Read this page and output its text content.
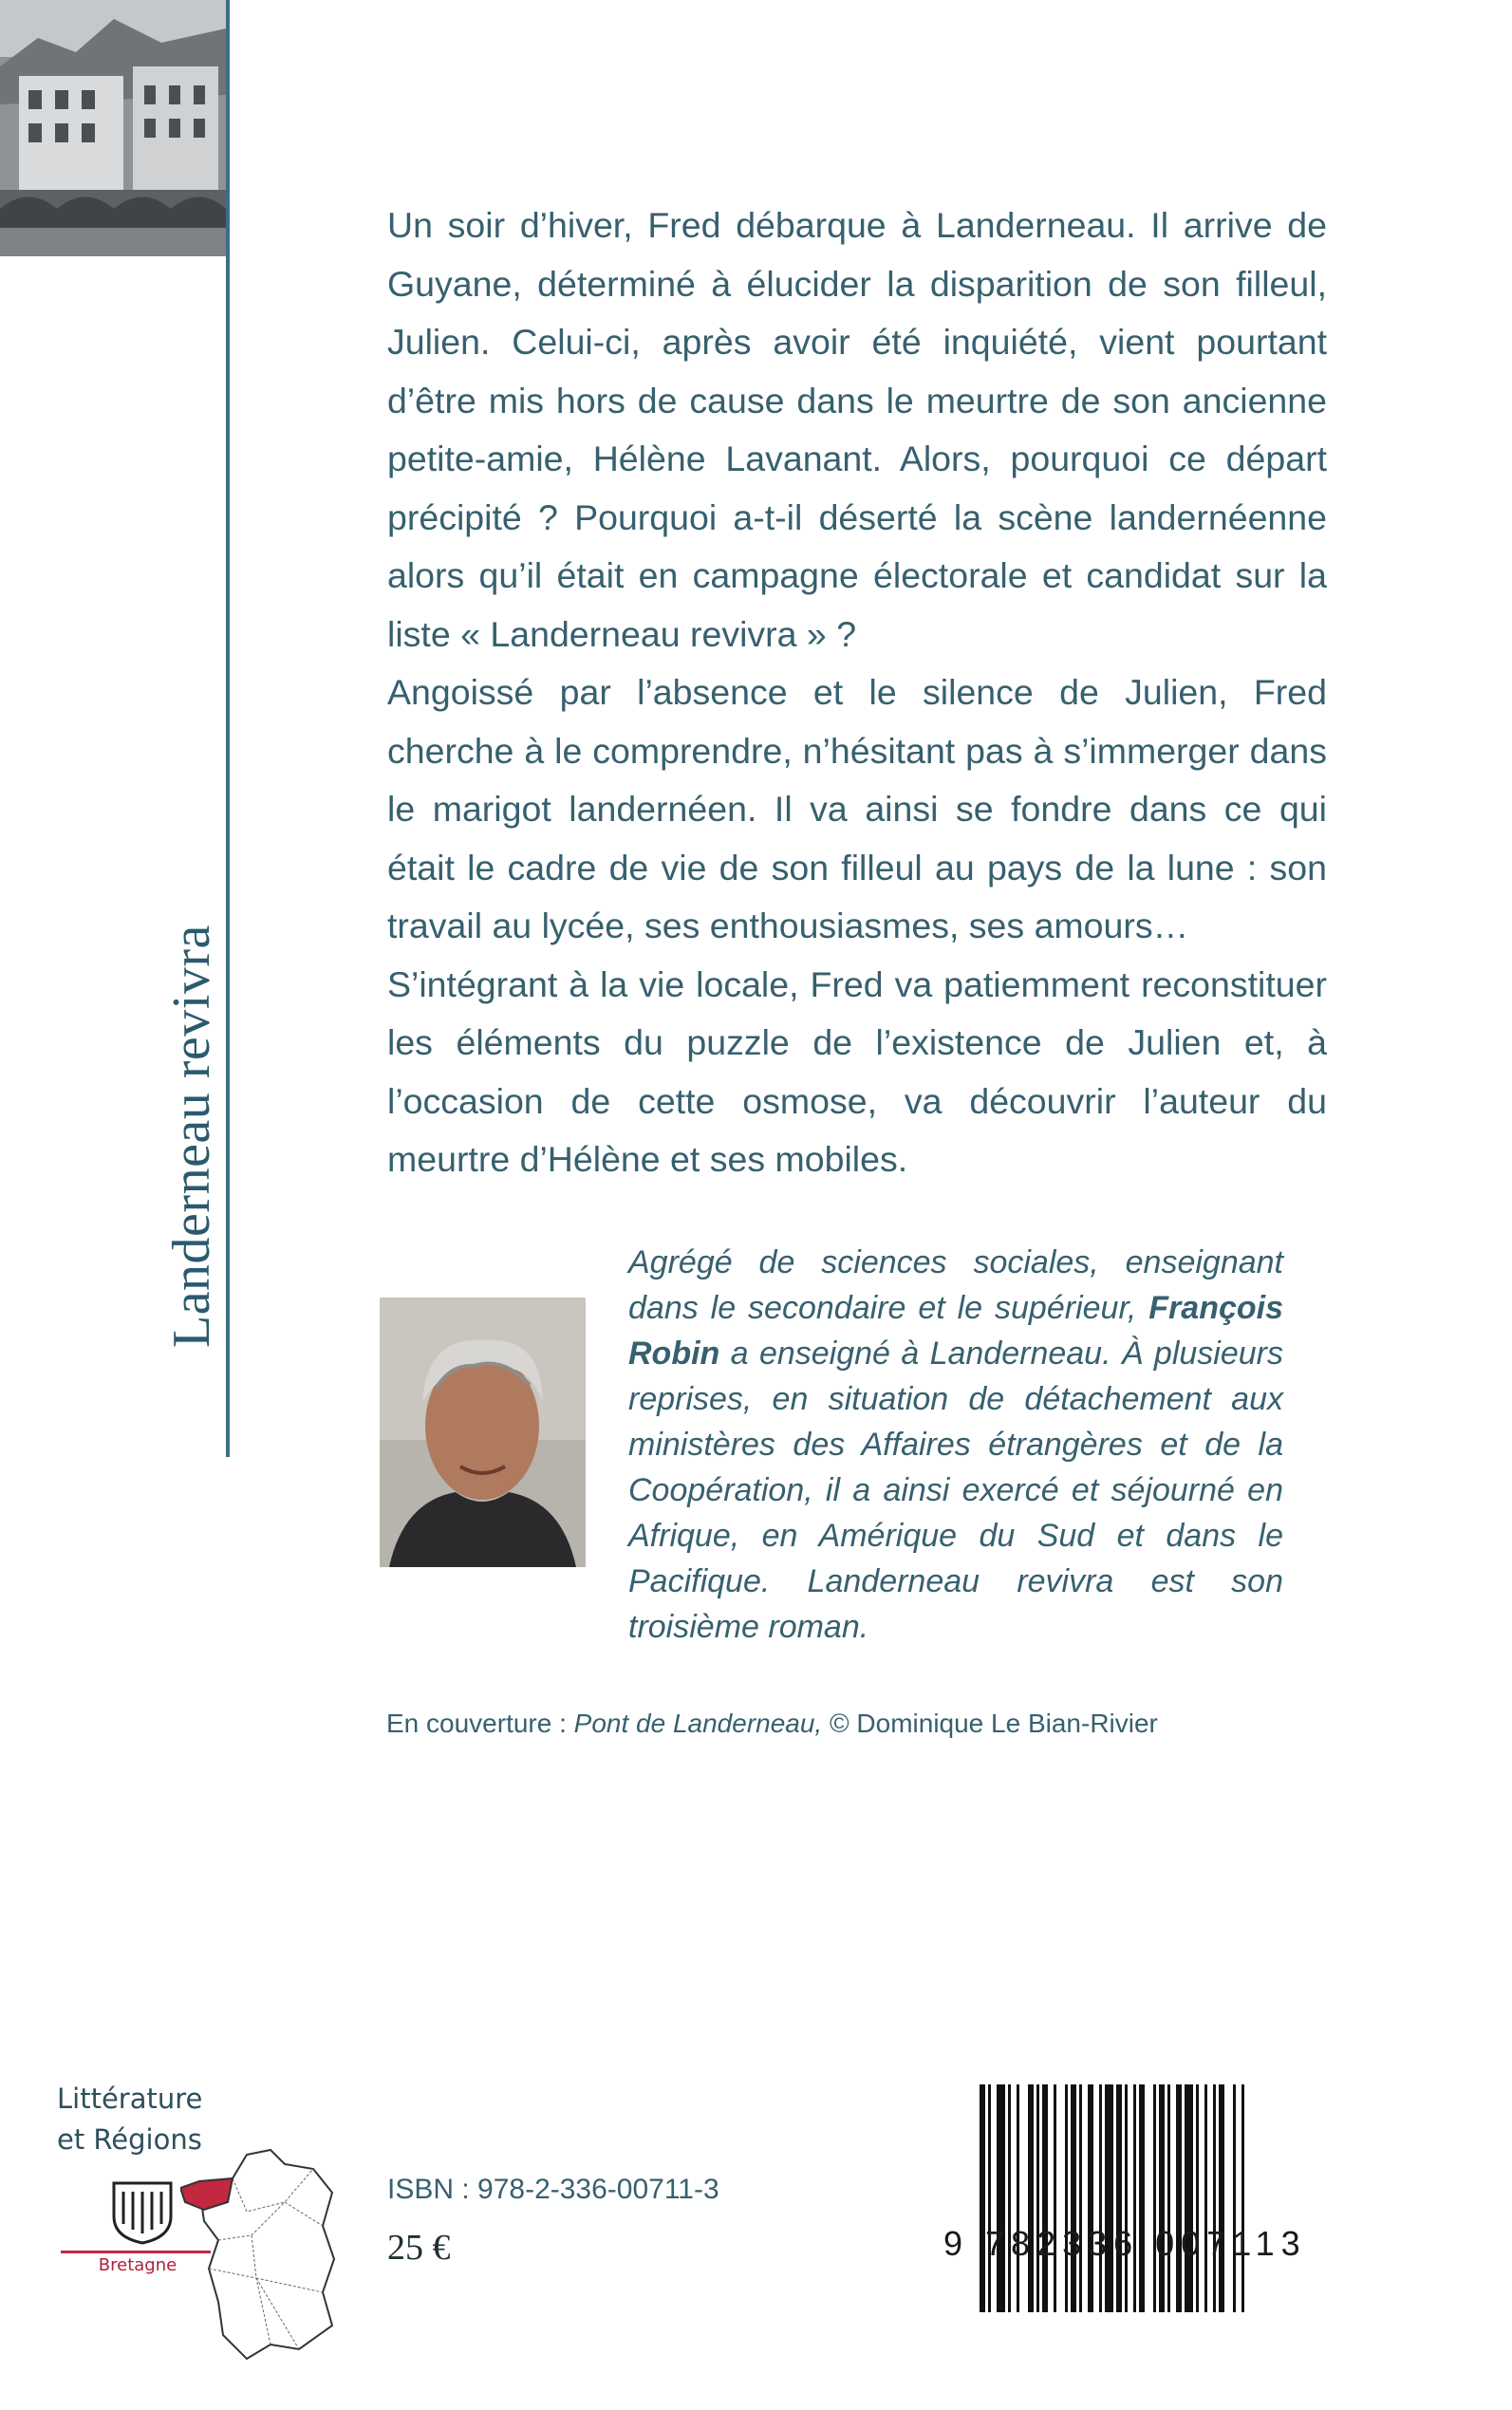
Landerneau revivra

Un soir d’hiver, Fred débarque à Landerneau. Il arrive de Guyane, déterminé à élucider la disparition de son filleul, Julien. Celui-ci, après avoir été inquiété, vient pourtant d’être mis hors de cause dans le meurtre de son ancienne petite-amie, Hélène Lavanant. Alors, pourquoi ce départ précipité ? Pourquoi a-t-il déserté la scène landernéenne alors qu’il était en campagne électorale et candidat sur la liste « Landerneau revivra » ?

Angoissé par l’absence et le silence de Julien, Fred cherche à le comprendre, n’hésitant pas à s’immerger dans le marigot landernéen. Il va ainsi se fondre dans ce qui était le cadre de vie de son filleul au pays de la lune : son travail au lycée, ses enthousiasmes, ses amours…

S’intégrant à la vie locale, Fred va patiemment reconstituer les éléments du puzzle de l’existence de Julien et, à l’occasion de cette osmose, va découvrir l’auteur du meurtre d’Hélène et ses mobiles.

Agrégé de sciences sociales, enseignant dans le secondaire et le supérieur, François Robin a enseigné à Landerneau. À plusieurs reprises, en situation de détachement aux ministères des Affaires étrangères et de la Coopération, il a ainsi exercé et séjourné en Afrique, en Amérique du Sud et dans le Pacifique. Landerneau revivra est son troisième roman.
En couverture : Pont de Landerneau, © Dominique Le Bian-Rivier
Littérature
et Régions
Bretagne
ISBN : 978-2-336-00711-3
25 €	9 782336 007113
